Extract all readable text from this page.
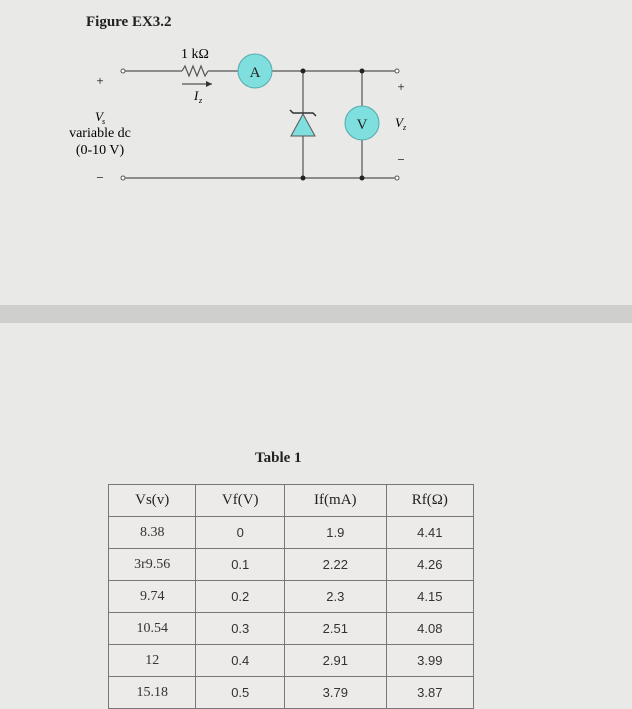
Figure EX3.2
A
V
1 kΩ
I z
+
V s
variable dc
(0-10 V)
−
+
V z
−
Table 1
Vs(v)	Vf(V)	If(mA)	Rf(Ω)
8.38	0	1.9	4.41
3r9.56	0.1	2.22	4.26
9.74	0.2	2.3	4.15
10.54	0.3	2.51	4.08
12	0.4	2.91	3.99
15.18	0.5	3.79	3.87
